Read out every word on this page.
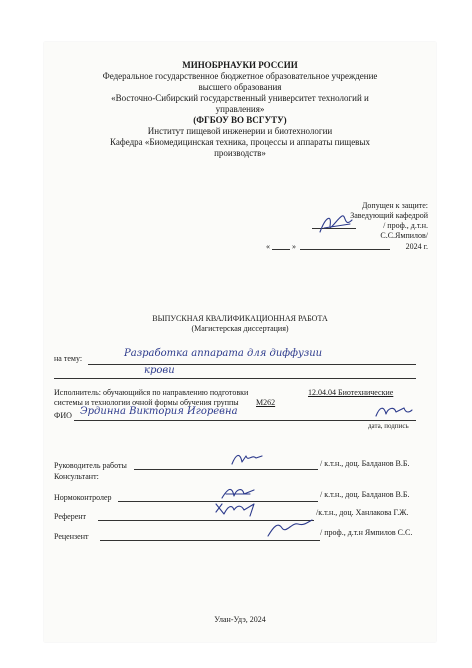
МИНОБРНАУКИ РОССИИ
Федеральное государственное бюджетное образовательное учреждение
высшего образования
«Восточно-Сибирский государственный университет технологий и
управления»
(ФГБОУ ВО ВСГУТУ)
Институт пищевой инженерии и биотехнологии
Кафедра «Биомедицинская техника, процессы и аппараты пищевых
производств»
Допущен к защите:
Заведующий кафедрой
/ проф., д.т.н.
С.С.Ямпилов/
«	»	2024 г.
ВЫПУСКНАЯ КВАЛИФИКАЦИОННАЯ РАБОТА
(Магистерская диссертация)
на тему:	Разработка аппарата для диффузии
крови
Исполнитель: обучающийся по направлению подготовки	12.04.04 Биотехнические
системы и технологии очной формы обучения группы М262
ФИО Эрдинна Виктория Игоревна
дата, подпись
Руководитель работы	/ к.т.н., доц. Балданов В.Б.
Консультант:
Нормоконтролер	/ к.т.н., доц. Балданов В.Б.
Референт	/к.т.н., доц. Ханлакова Г.Ж.
Рецензент	/ проф., д.т.н Ямпилов С.С.
Улан-Удэ, 2024
